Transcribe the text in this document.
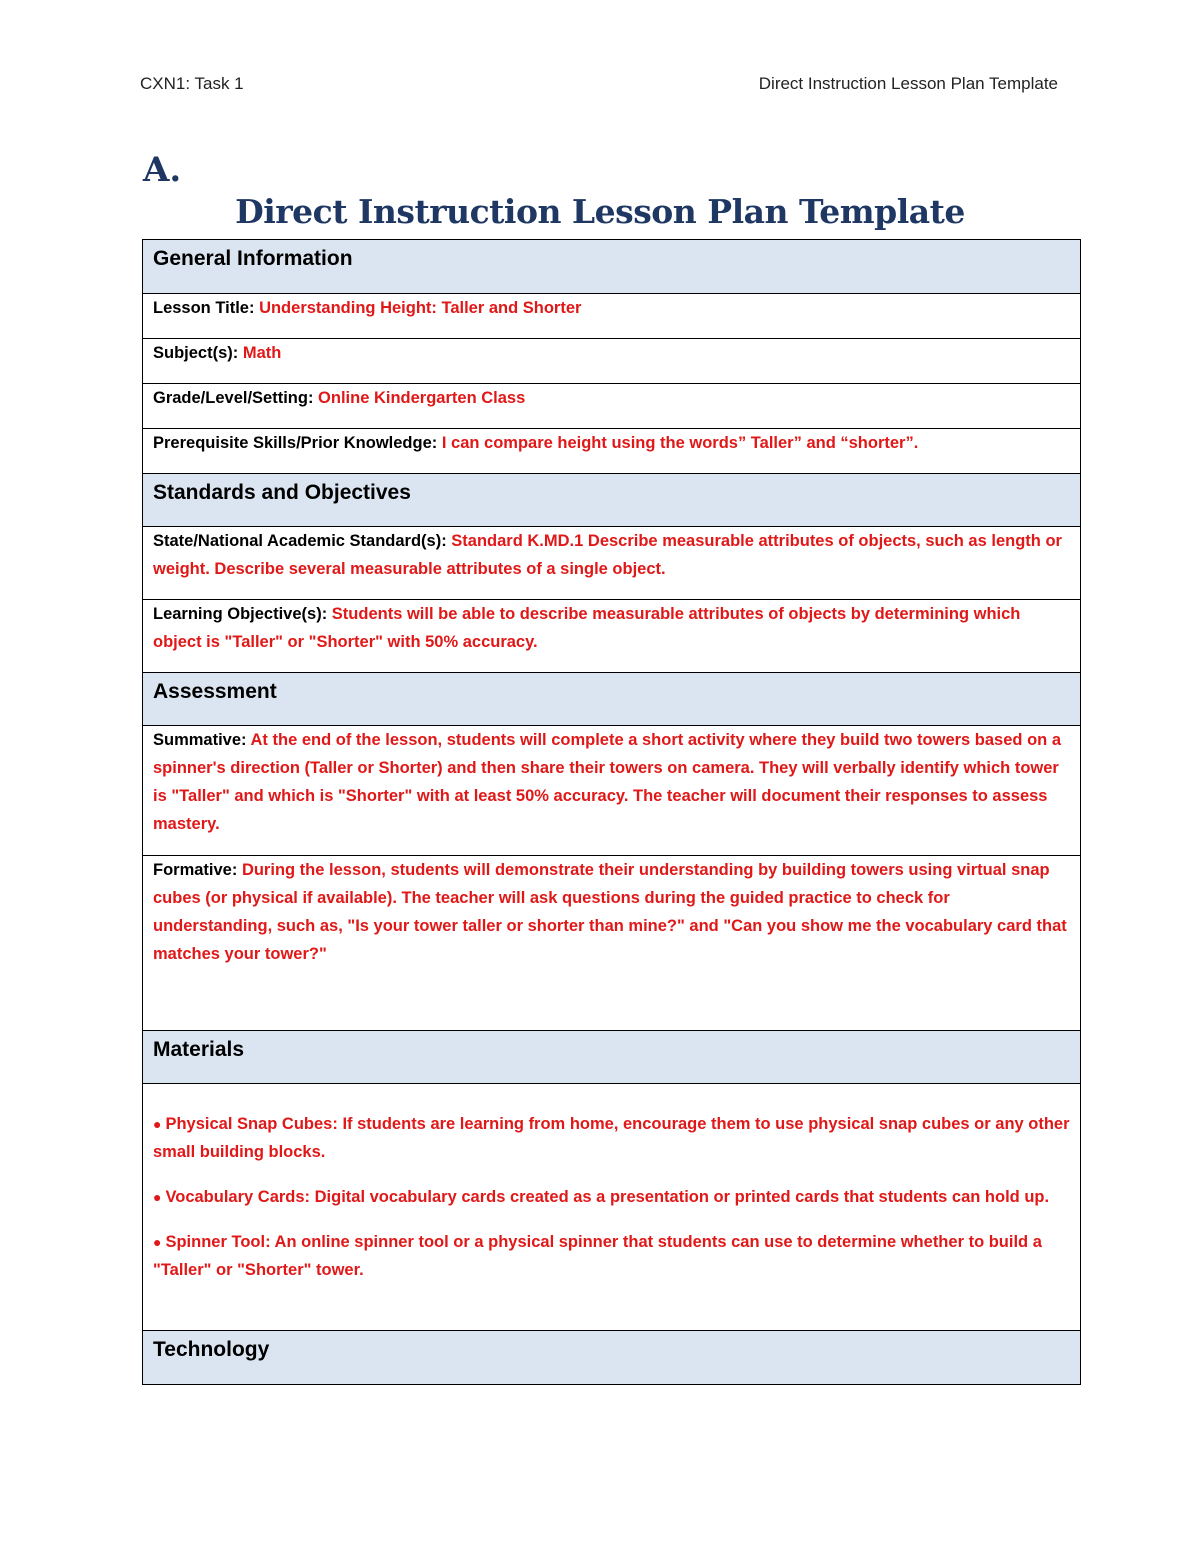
CXN1: Task 1	Direct Instruction Lesson Plan Template
A.
Direct Instruction Lesson Plan Template
General Information
Lesson Title: Understanding Height: Taller and Shorter
Subject(s): Math
Grade/Level/Setting: Online Kindergarten Class
Prerequisite Skills/Prior Knowledge: I can compare height using the words” Taller” and “shorter”.
Standards and Objectives
State/National Academic Standard(s): Standard K.MD.1 Describe measurable attributes of objects, such as length or weight. Describe several measurable attributes of a single object.
Learning Objective(s): Students will be able to describe measurable attributes of objects by determining which object is "Taller" or "Shorter" with 50% accuracy.
Assessment
Summative: At the end of the lesson, students will complete a short activity where they build two towers based on a spinner's direction (Taller or Shorter) and then share their towers on camera. They will verbally identify which tower is "Taller" and which is "Shorter" with at least 50% accuracy. The teacher will document their responses to assess mastery.
Formative: During the lesson, students will demonstrate their understanding by building towers using virtual snap cubes (or physical if available). The teacher will ask questions during the guided practice to check for understanding, such as, "Is your tower taller or shorter than mine?" and "Can you show me the vocabulary card that matches your tower?"
Materials

● Physical Snap Cubes: If students are learning from home, encourage them to use physical snap cubes or any other small building blocks.
● Vocabulary Cards: Digital vocabulary cards created as a presentation or printed cards that students can hold up.
● Spinner Tool: An online spinner tool or a physical spinner that students can use to determine whether to build a "Taller" or "Shorter" tower.

Technology
